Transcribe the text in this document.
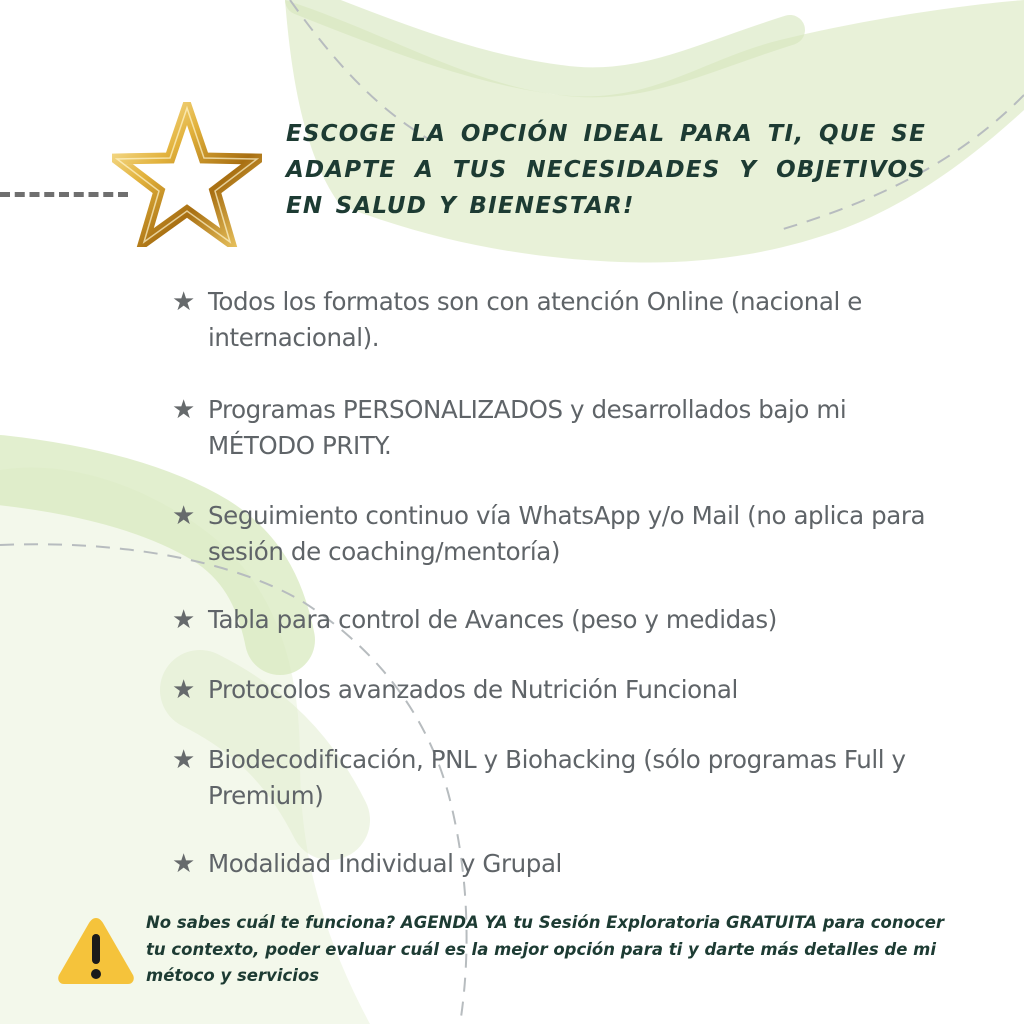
ESCOGE LA OPCIÓN IDEAL PARA TI, QUE SE ADAPTE A TUS NECESIDADES Y OBJETIVOS EN SALUD Y BIENESTAR!
★ Todos los formatos son con atención Online (nacional e internacional).
★ Programas PERSONALIZADOS y desarrollados bajo mi MÉTODO PRITY.
★ Seguimiento continuo vía WhatsApp y/o Mail (no aplica para sesión de coaching/mentoría)
★ Tabla para control de Avances (peso y medidas)
★ Protocolos avanzados de Nutrición Funcional
★ Biodecodificación, PNL y Biohacking (sólo programas Full y Premium)
★ Modalidad Individual y Grupal

No sabes cuál te funciona? AGENDA YA tu Sesión Exploratoria GRATUITA para conocer tu contexto, poder evaluar cuál es la mejor opción para ti y darte más detalles de mi métoco y servicios
